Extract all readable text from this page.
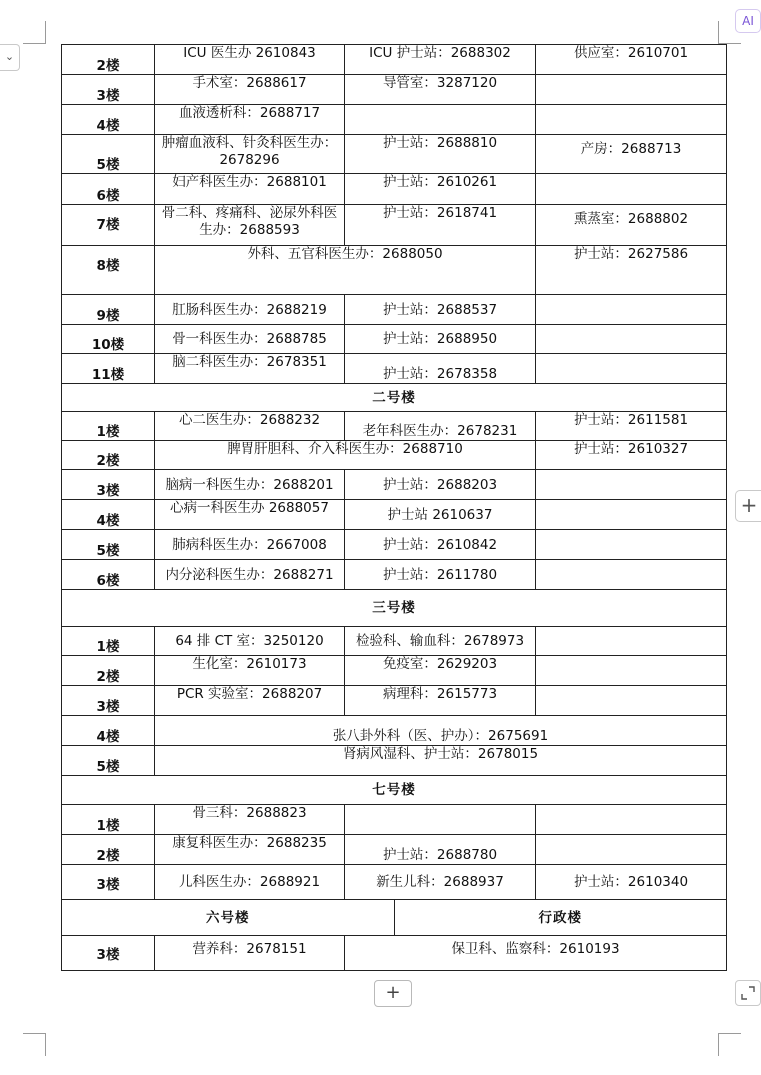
AI
⌄
+
+
2楼	ICU 医生办 2610843	ICU 护士站：2688302	供应室：2610701
3楼	手术室：2688617	导管室：3287120	
4楼	血液透析科：2688717		
5楼	肿瘤血液科、针灸科医生办：2678296	护士站：2688810	产房：2688713
6楼	妇产科医生办：2688101	护士站：2610261	
7楼	骨二科、疼痛科、泌尿外科医生办：2688593	护士站：2618741	熏蒸室：2688802
8楼	外科、五官科医生办：2688050	护士站：2627586
9楼	肛肠科医生办：2688219	护士站：2688537	
10楼	骨一科医生办：2688785	护士站：2688950	
11楼	脑二科医生办：2678351	护士站：2678358	
二号楼
1楼	心二医生办：2688232	老年科医生办：2678231	护士站：2611581
2楼	脾胃肝胆科、介入科医生办：2688710	护士站：2610327
3楼	脑病一科医生办：2688201	护士站：2688203	
4楼	心病一科医生办 2688057	护士站 2610637	
5楼	肺病科医生办：2667008	护士站：2610842	
6楼	内分泌科医生办：2688271	护士站：2611780	
三号楼
1楼	64 排 CT 室：3250120	检验科、输血科：2678973	
2楼	生化室：2610173	免疫室：2629203	
3楼	PCR 实验室：2688207	病理科：2615773	
4楼	张八卦外科（医、护办）：2675691
5楼	肾病风湿科、护士站：2678015
七号楼
1楼	骨三科：2688823		
2楼	康复科医生办：2688235	护士站：2688780	
3楼	儿科医生办：2688921	新生儿科：2688937	护士站：2610340

六号楼	行政楼

3楼	营养科：2678151	保卫科、监察科：2610193
